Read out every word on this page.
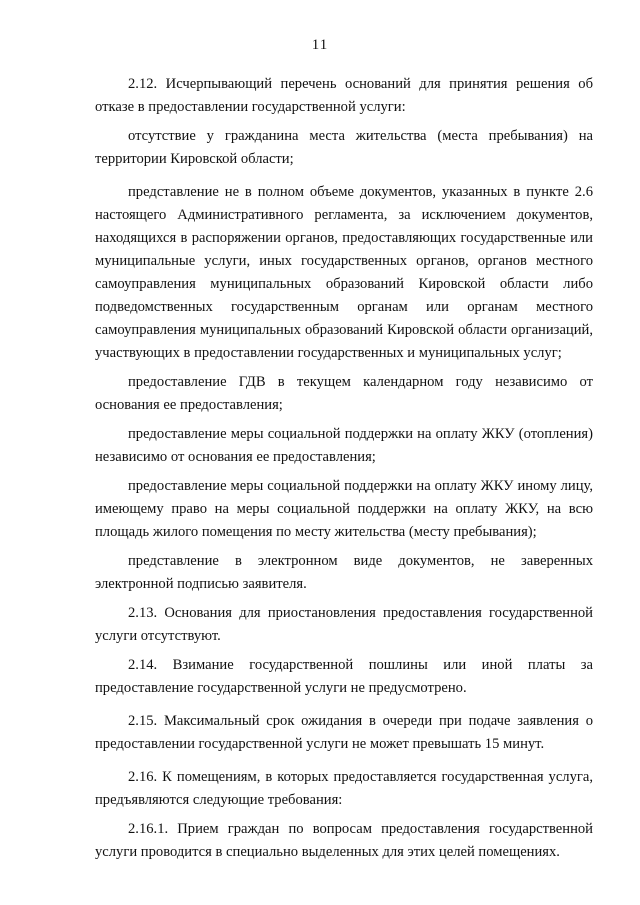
11

2.12. Исчерпывающий перечень оснований для принятия решения об отказе в предоставлении государственной услуги:

отсутствие у гражданина места жительства (места пребывания) на территории Кировской области;

представление не в полном объеме документов, указанных в пункте 2.6 настоящего Административного регламента, за исключением документов, находящихся в распоряжении органов, предоставляющих государственные или муниципальные услуги, иных государственных органов, органов местного самоуправления муниципальных образований Кировской области либо подведомственных государственным органам или органам местного самоуправления муниципальных образований Кировской области организаций, участвующих в предоставлении государственных и муниципальных услуг;

предоставление ГДВ в текущем календарном году независимо от основания ее предоставления;

предоставление меры социальной поддержки на оплату ЖКУ (отопления) независимо от основания ее предоставления;

предоставление меры социальной поддержки на оплату ЖКУ иному лицу, имеющему право на меры социальной поддержки на оплату ЖКУ, на всю площадь жилого помещения по месту жительства (месту пребывания);

представление в электронном виде документов, не заверенных электронной подписью заявителя.

2.13. Основания для приостановления предоставления государственной услуги отсутствуют.

2.14. Взимание государственной пошлины или иной платы за предоставление государственной услуги не предусмотрено.

2.15. Максимальный срок ожидания в очереди при подаче заявления о предоставлении государственной услуги не может превышать 15 минут.

2.16. К помещениям, в которых предоставляется государственная услуга, предъявляются следующие требования:

2.16.1. Прием граждан по вопросам предоставления государственной услуги проводится в специально выделенных для этих целей помещениях.
